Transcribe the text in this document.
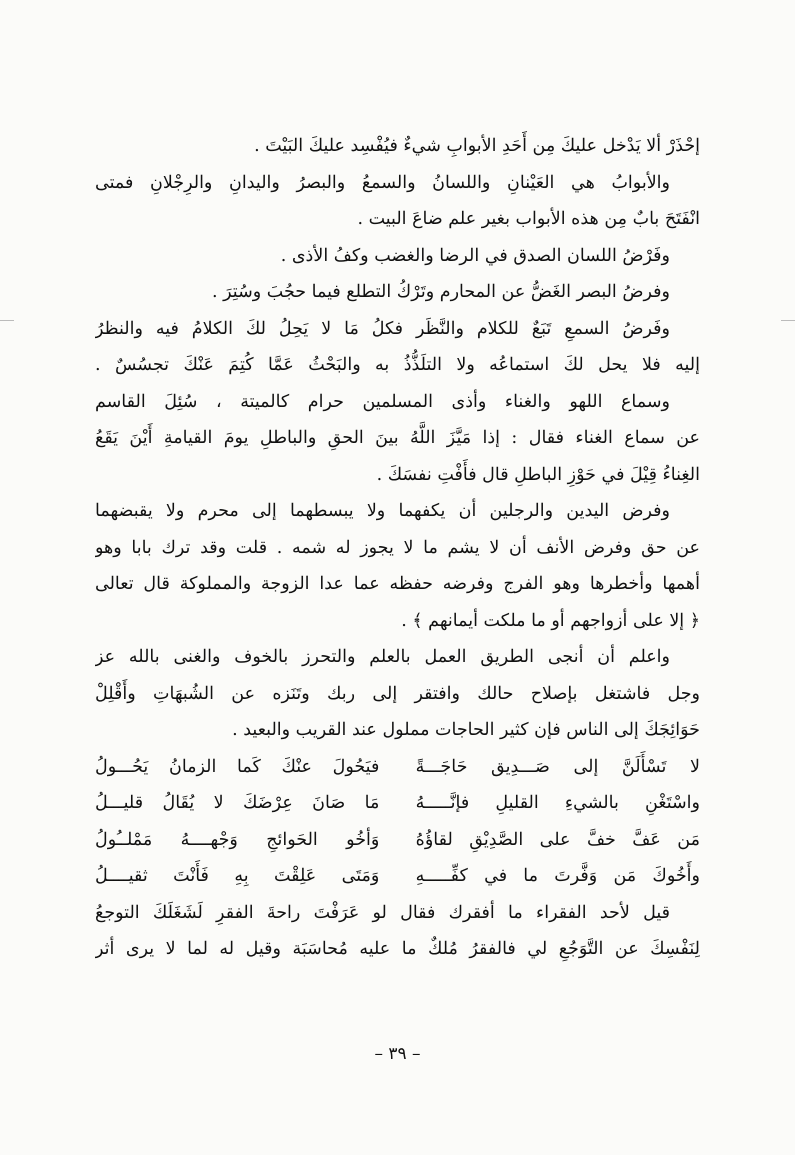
إحْذَرْ ألا يَدْخل عليكَ مِن أَحَدِ الأبوابِ شيءٌ فيُفْسِد عليكَ البَيْتَ .
والأبوابُ هي العَيْنانِ واللسانُ والسمعُ والبصرُ واليدانِ والرِجْلانِ فمتى
انْفَتَحَ بابٌ مِن هذه الأبواب بغير علم ضاعَ البيت .
وفَرْضُ اللسان الصدق في الرضا والغضب وكفُ الأذى .
وفرضُ البصر الغَضُّ عن المحارم وتَرْكُ التطلع فيما حجُبَ وسُتِرَ .
وفَرضُ السمعِ تَبَعٌ للكلام والنَّظَر فكلُ مَا لا يَحِلُ لكَ الكلامُ فيه والنظرُ
إليه فلا يحل لكَ استماعُه ولا التلَذُّذُ به والبَحْثُ عَمَّا كُتِمَ عَنْكَ تجسُسٌ .
وسماع اللهو والغناء وأذى المسلمين حرام كالميتة ، سُئِلَ القاسم
عن سماع الغناء فقال : إذا مَيَّزَ اللَّهُ بينَ الحقِ والباطلِ يومَ القيامةِ أَيْنَ يَقَعُ
الغِناءُ قِيْلَ في حَوْزِ الباطلِ قال فأَفْتِ نفسَكَ .
وفرض اليدين والرجلين أن يكفهما ولا يبسطهما إلى محرم ولا يقبضهما
عن حق وفرض الأنف أن لا يشم ما لا يجوز له شمه . قلت وقد ترك بابا وهو
أهمها وأخطرها وهو الفرج وفرضه حفظه عما عدا الزوجة والمملوكة قال تعالى
﴿ إلا على أزواجهم أو ما ملكت أيمانهم ﴾ .
واعلم أن أنجى الطريق العمل بالعلم والتحرز بالخوف والغنى بالله عز
وجل فاشتغل بإصلاح حالك وافتقر إلى ربك وتَنَزه عن الشُبهَاتِ وأَقْلِلْ
حَوَائِجَكَ إلى الناس فإن كثير الحاجات مملول عند القريب والبعيد .
لا تَسْأَلَنَّ إلى صَـــدِيق حَاجَـــةً
فيَحُولَ عنْكَ كَما الزمانُ يَحُـــولُ
واسْتَغْنِ بالشيءِ القليلِ فإنَّـــــهُ
مَا صَانَ عِرْضَكَ لا يُقَالُ قليـــلُ
مَن عَفَّ خفَّ على الصَّدِيْقِ لقاؤُهُ
وَأخُو الحَوائجِ وَجْهــــهُ مَمْلــُولُ
وأَخُوكَ مَن وَفَّرتَ ما في كفِّـــــهِ
وَمَتَى عَلِقْتَ بِهِ فَأَنْتَ ثقيــــلُ
قيل لأحد الفقراء ما أفقرك فقال لو عَرَفْتَ راحةَ الفقرِ لَشَغَلَكَ التوجعُ
لِنَفْسِكَ عن التَّوَجُعِ لي فالفقرُ مُلكٌ ما عليه مُحاسَبَة وقيل له لما لا يرى أثر
– ٣٩ –
